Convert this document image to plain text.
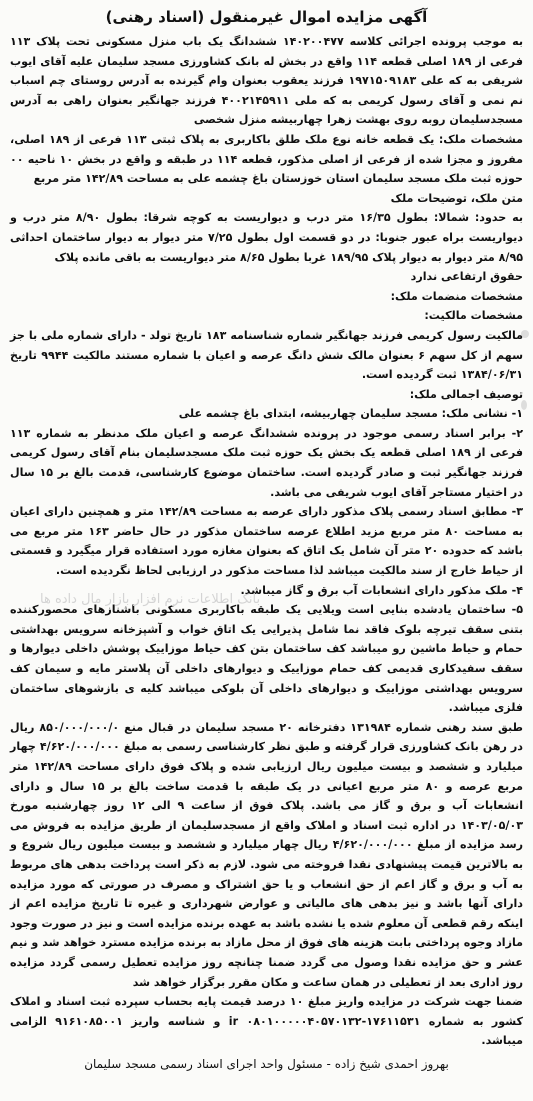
آگهی مزایده اموال غیرمنقول (اسناد رهنی)

به موجب پرونده اجرائی کلاسه ۱۴۰۲۰۰۴۷۷ ششدانگ یک باب منزل مسکونی تحت پلاک ۱۱۳ فرعی از ۱۸۹ اصلی قطعه ۱۱۴ واقع در بخش له بانک کشاورزی مسجد سلیمان علیه آقای ایوب شریفی به که علی ۱۹۷۱۵۰۹۱۸۳ فرزند یعقوب بعنوان وام گیرنده به آدرس روستای چم اسباب نم نمی و آقای رسول کریمی به که ملی ۴۰۰۲۱۴۵۹۱۱ فرزند جهانگیر بعنوان راهی به آدرس مسجدسلیمان روبه روی بهشت زهرا چهاربیشه منزل شخصی

مشخصات ملک: یک قطعه خانه نوع ملک طلق باکاربری به پلاک ثبتی ۱۱۳ فرعی از ۱۸۹ اصلی، مفروز و مجزا شده از فرعی از اصلی مذکور، قطعه ۱۱۴ در طبقه و واقع در بخش ۱۰ ناحیه ۰۰ حوزه ثبت ملک مسجد سلیمان استان خوزستان باغ چشمه علی به مساحت ۱۴۲/۸۹ متر مربع

متن ملک، توضیحات ملک

به حدود: شمالا: بطول ۱۶/۳۵ متر درب و دیواریست به کوچه شرقا: بطول ۸/۹۰ متر درب و دیواریست براه عبور جنوبا: در دو قسمت اول بطول ۷/۲۵ متر دیوار به دیوار ساختمان احداثی ۸/۹۵ متر دیوار به دیوار پلاک ۱۸۹/۹۵ غربا بطول ۸/۶۵ متر دیواریست به باقی مانده پلاک

حقوق ارتفاعی ندارد

مشخصات منضمات ملک:

مشخصات مالکیت:

مالکیت رسول کریمی فرزند جهانگیر شماره شناسنامه ۱۸۳ تاریخ تولد - دارای شماره ملی با جز سهم از کل سهم ۶ بعنوان مالک شش دانگ عرصه و اعیان با شماره مستند مالکیت ۹۹۴۴ تاریخ ۱۳۸۴/۰۶/۳۱ ثبت گردیده است.

توصیف اجمالی ملک:

۱- نشانی ملک: مسجد سلیمان چهاربیشه، ابتدای باغ چشمه علی

۲- برابر اسناد رسمی موجود در پرونده ششدانگ عرصه و اعیان ملک مدنظر به شماره ۱۱۳ فرعی از ۱۸۹ اصلی قطعه یک بخش یک حوزه ثبت ملک مسجدسلیمان بنام آقای رسول کریمی فرزند جهانگیر ثبت و صادر گردیده است. ساختمان موضوع کارشناسی، قدمت بالغ بر ۱۵ سال در اختیار مستاجر آقای ایوب شریفی می باشد.

۳- مطابق اسناد رسمی پلاک مذکور دارای عرصه به مساحت ۱۴۲/۸۹ متر و همچنین دارای اعیان به مساحت ۸۰ متر مربع مزید اطلاع عرصه ساختمان مذکور در حال حاضر ۱۶۳ متر مربع می باشد که حدوده ۲۰ متر آن شامل یک اتاق که بعنوان مغازه مورد استفاده قرار میگیرد و قسمتی از حیاط خارج از سند مالکیت میباشد لذا مساحت مذکور در ارزیابی لحاظ نگردیده است.

۴- ملک مذکور دارای انشعابات آب برق و گاز میباشد.

۵- ساختمان یادشده بنایی است ویلایی یک طبقه باکاربری مسکونی باشنازهای محصورکننده بتنی سقف تیرچه بلوک فاقد نما شامل پذیرایی یک اتاق خواب و آشپزخانه سرویس بهداشتی حمام و حیاط ماشین رو میباشد کف ساختمان بتن کف حیاط موزاییک پوشش داخلی دیوارها و سقف سفیدکاری قدیمی کف حمام موزاییک و دیوارهای داخلی آن پلاستر مایه و سیمان کف سرویس بهداشتی موزاییک و دیوارهای داخلی آن بلوکی میباشد کلیه ی بازشوهای ساختمان فلزی میباشد.

طبق سند رهنی شماره ۱۳۱۹۸۴ دفترخانه ۲۰ مسجد سلیمان در قبال منع ۸۵۰/۰۰۰/۰۰۰/۰ ریال در رهن بانک کشاورزی قرار گرفته و طبق نظر کارشناسی رسمی به مبلغ ۴/۶۲۰/۰۰۰/۰۰۰ چهار میلیارد و ششصد و بیست میلیون ریال ارزیابی شده و پلاک فوق دارای مساحت ۱۴۲/۸۹ متر مربع عرصه و ۸۰ متر مربع اعیانی در یک طبقه با قدمت ساخت بالغ بر ۱۵ سال و دارای انشعابات آب و برق و گاز می باشد. پلاک فوق از ساعت ۹ الی ۱۲ روز چهارشنبه مورخ ۱۴۰۳/۰۵/۰۳ در اداره ثبت اسناد و املاک واقع از مسجدسلیمان از طریق مزایده به فروش می رسد مزایده از مبلغ ۴/۶۲۰/۰۰۰/۰۰۰ ریال چهار میلیارد و ششصد و بیست میلیون ریال شروع و به بالاترین قیمت پیشنهادی نقدا فروخته می شود. لازم به ذکر است پرداخت بدهی های مربوط به آب و برق و گاز اعم از حق انشعاب و یا حق اشتراک و مصرف در صورتی که مورد مزایده دارای آنها باشد و نیز بدهی های مالیاتی و عوارض شهرداری و غیره تا تاریخ مزایده اعم از اینکه رقم قطعی آن معلوم شده یا نشده باشد به عهده برنده مزایده است و نیز در صورت وجود مازاد وجوه پرداختی بابت هزینه های فوق از محل مازاد به برنده مزایده مسترد خواهد شد و نیم عشر و حق مزایده نقدا وصول می گردد ضمنا چنانچه روز مزایده تعطیل رسمی گردد مزایده روز اداری بعد از تعطیلی در همان ساعت و مکان مقرر برگزار خواهد شد

ضمنا جهت شرکت در مزایده واریز مبلغ ۱۰ درصد قیمت پایه بحساب سپرده ثبت اسناد و املاک کشور به شماره ۱۷۶۱۱۵۳۱-۰۸۰۱۰۰۰۰۰۴۰۵۷۰۱۳۲ ir و شناسه واریز ۹۱۶۱۰۸۵۰۰۱ الزامی میباشد.

بهروز احمدی شیخ زاده - مسئول واحد اجرای اسناد رسمی مسجد سلیمان
بانک اطلاعات نرم افزار بازار مال داده ها
